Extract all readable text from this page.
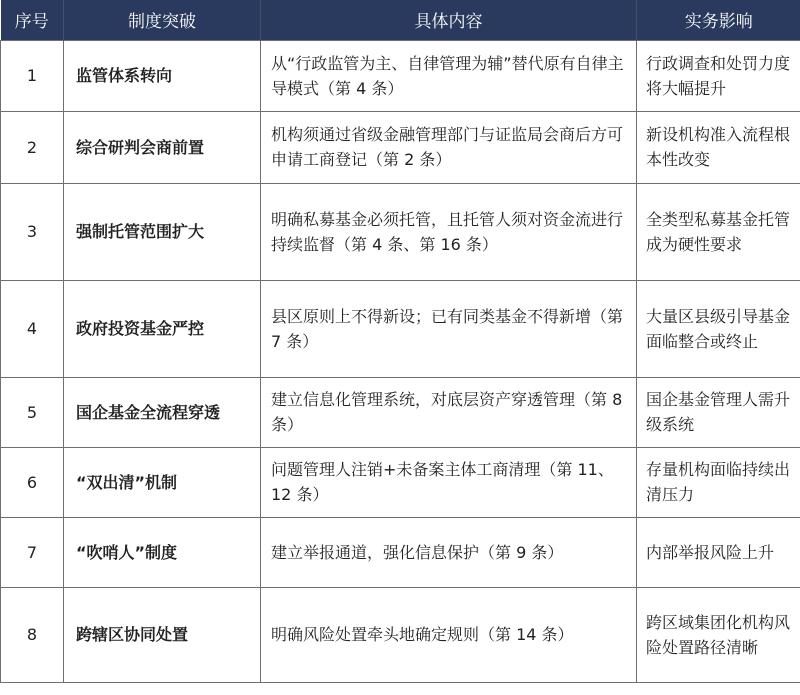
序号	制度突破	具体内容	实务影响
1	监管体系转向	从“行政监管为主、自律管理为辅”替代原有自律主导模式（第 4 条）	行政调查和处罚力度将大幅提升
2	综合研判会商前置	机构须通过省级金融管理部门与证监局会商后方可申请工商登记（第 2 条）	新设机构准入流程根本性改变
3	强制托管范围扩大	明确私募基金必须托管，且托管人须对资金流进行持续监督（第 4 条、第 16 条）	全类型私募基金托管成为硬性要求
4	政府投资基金严控	县区原则上不得新设；已有同类基金不得新增（第 7 条）	大量区县级引导基金面临整合或终止
5	国企基金全流程穿透	建立信息化管理系统，对底层资产穿透管理（第 8 条）	国企基金管理人需升级系统
6	“双出清”机制	问题管理人注销+未备案主体工商清理（第 11、12 条）	存量机构面临持续出清压力
7	“吹哨人”制度	建立举报通道，强化信息保护（第 9 条）	内部举报风险上升
8	跨辖区协同处置	明确风险处置牵头地确定规则（第 14 条）	跨区域集团化机构风险处置路径清晰
